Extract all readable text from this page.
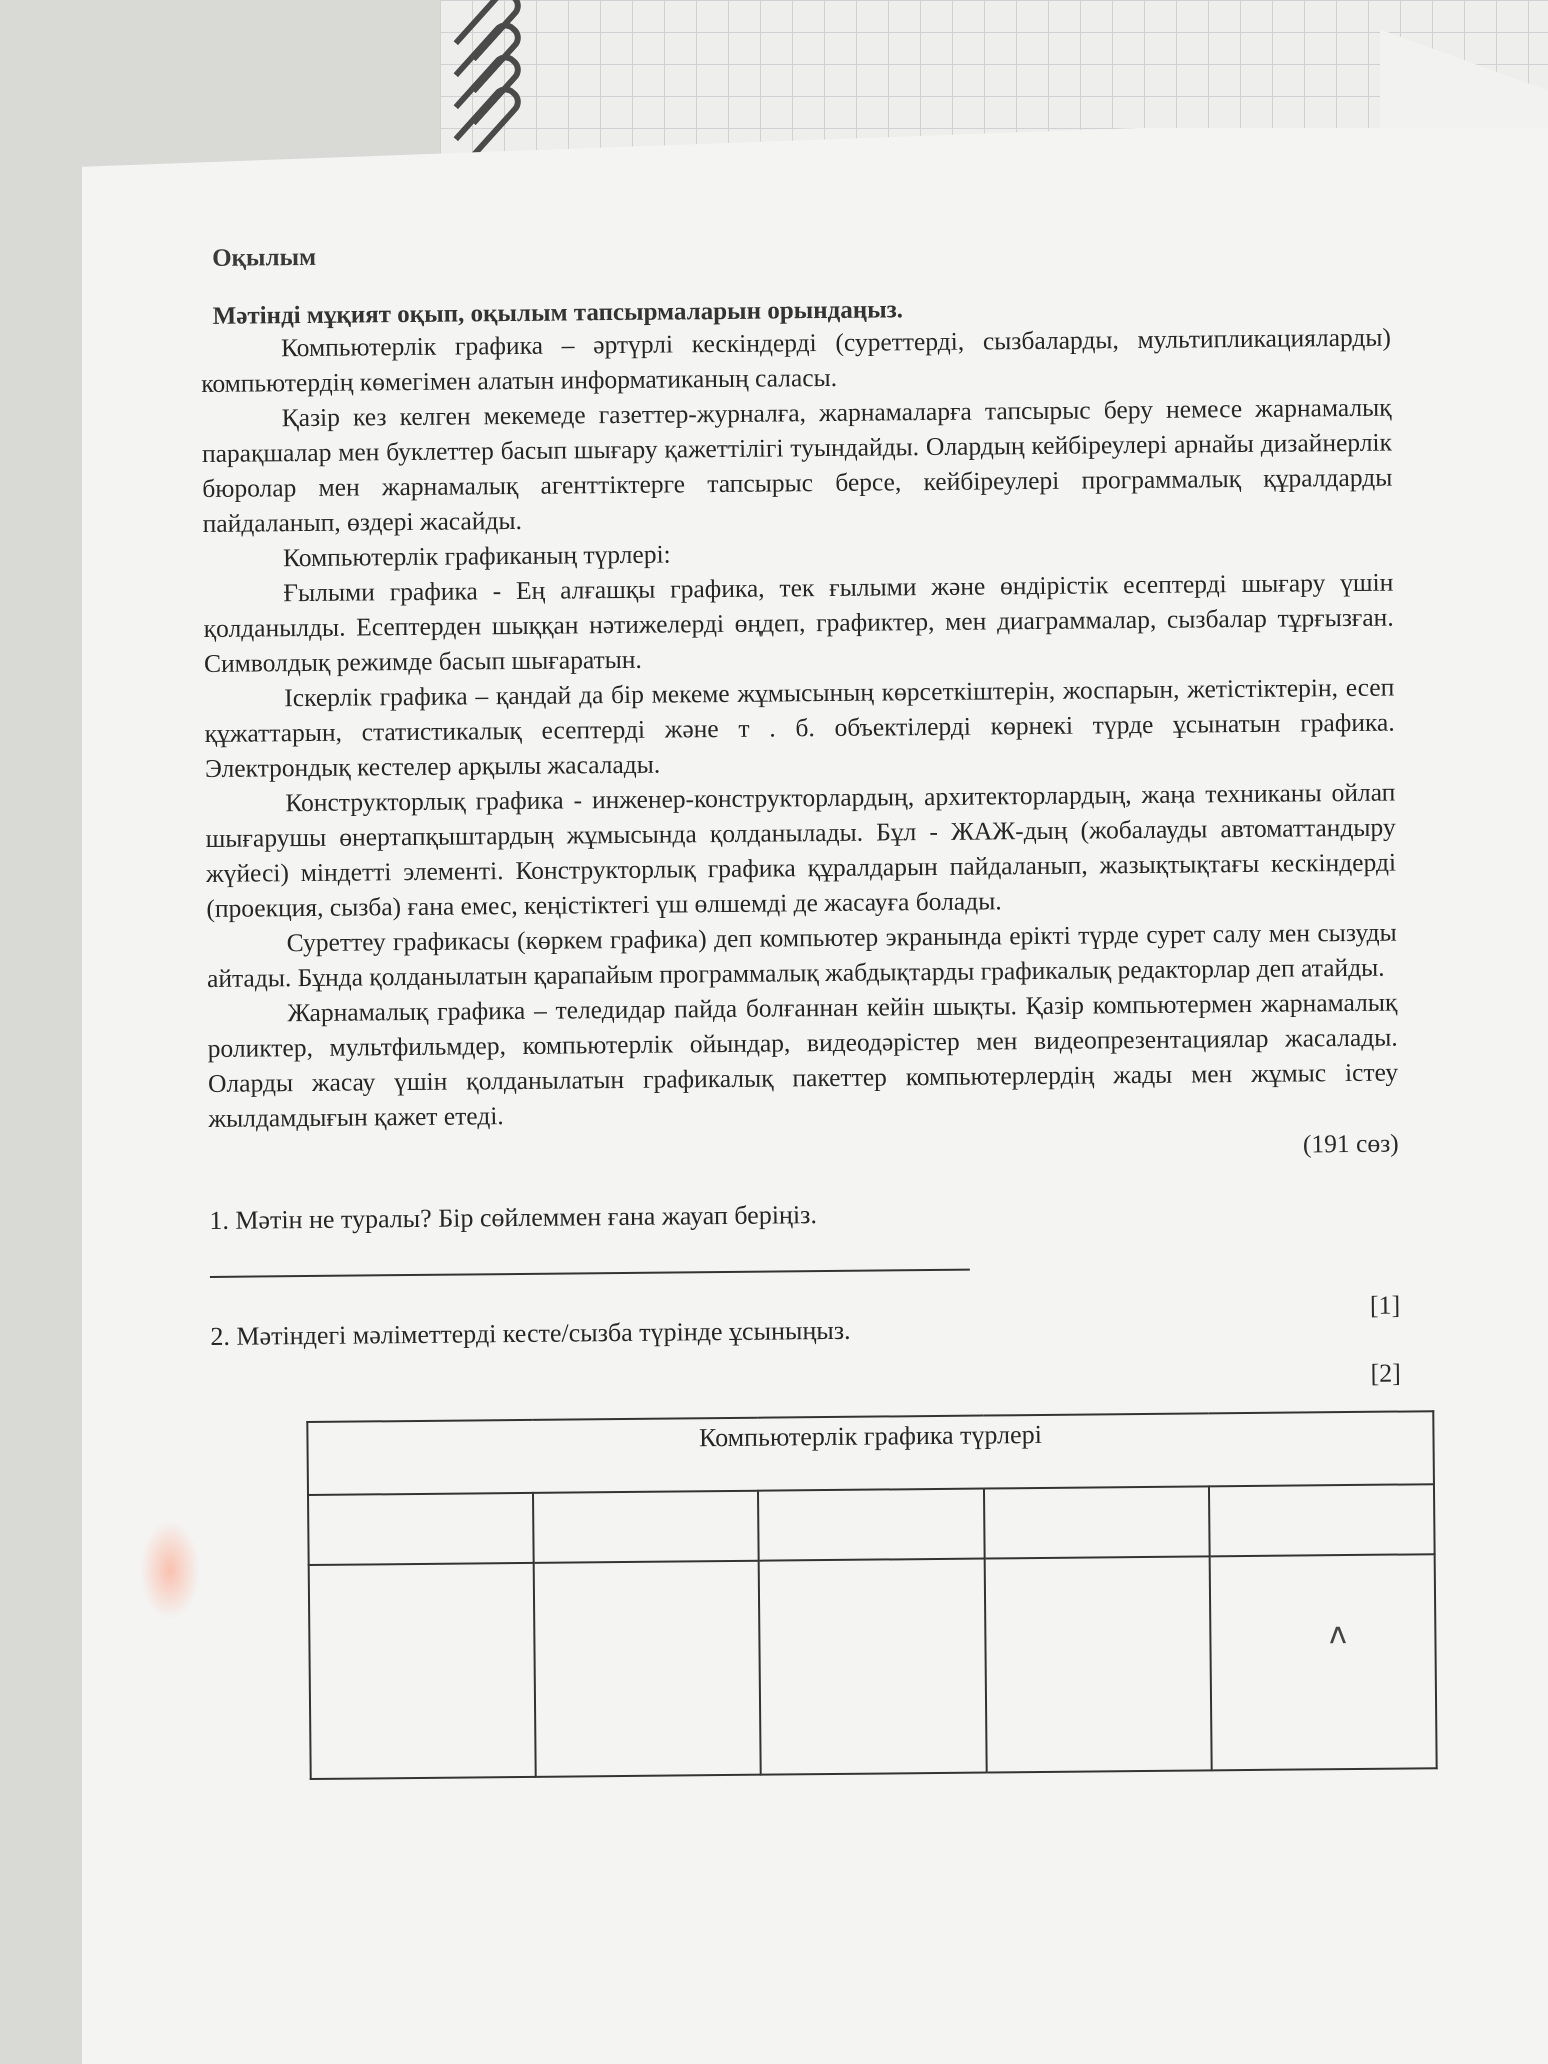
Оқылым
Мәтінді мұқият оқып, оқылым тапсырмаларын орындаңыз.

Компьютерлік графика – әртүрлі кескіндерді (суреттерді, сызбаларды, мультипликацияларды) компьютердің көмегімен алатын информатиканың саласы.

Қазір кез келген мекемеде газеттер-журналға, жарнамаларға тапсырыс беру немесе жарнамалық парақшалар мен буклеттер басып шығару қажеттілігі туындайды. Олардың кейбіреулері арнайы дизайнерлік бюролар мен жарнамалық агенттіктерге тапсырыс берсе, кейбіреулері программалық құралдарды пайдаланып, өздері жасайды.

Компьютерлік графиканың түрлері:

Ғылыми графика - Ең алғашқы графика, тек ғылыми және өндірістік есептерді шығару үшін қолданылды. Есептерден шыққан нәтижелерді өңдеп, графиктер, мен диаграммалар, сызбалар тұрғызған. Символдық режимде басып шығаратын.

Іскерлік графика – қандай да бір мекеме жұмысының көрсеткіштерін, жоспарын, жетістіктерін, есеп құжаттарын, статистикалық есептерді және т . б. объектілерді көрнекі түрде ұсынатын графика. Электрондық кестелер арқылы жасалады.

Конструкторлық графика - инженер-конструкторлардың, архитекторлардың, жаңа техниканы ойлап шығарушы өнертапқыштардың жұмысында қолданылады. Бұл - ЖАЖ-дың (жобалауды автоматтандыру жүйесі) міндетті элементі. Конструкторлық графика құралдарын пайдаланып, жазықтықтағы кескіндерді (проекция, сызба) ғана емес, кеңістіктегі үш өлшемді де жасауға болады.

Суреттеу графикасы (көркем графика) деп компьютер экранында ерікті түрде сурет салу мен сызуды айтады. Бұнда қолданылатын қарапайым программалық жабдықтарды графикалық редакторлар деп атайды.

Жарнамалық графика – теледидар пайда болғаннан кейін шықты. Қазір компьютермен жарнамалық роликтер, мультфильмдер, компьютерлік ойындар, видеодәрістер мен видеопрезентациялар жасалады. Оларды жасау үшін қолданылатын графикалық пакеттер компьютерлердің жады мен жұмыс істеу жылдамдығын қажет етеді.

(191 сөз)
1. Мәтін не туралы? Бір сөйлеммен ғана жауап беріңіз.
[1]
2. Мәтіндегі мәліметтерді кесте/сызба түрінде ұсыныңыз.
[2]
Компьютерлік графика түрлері				

				ʌ
